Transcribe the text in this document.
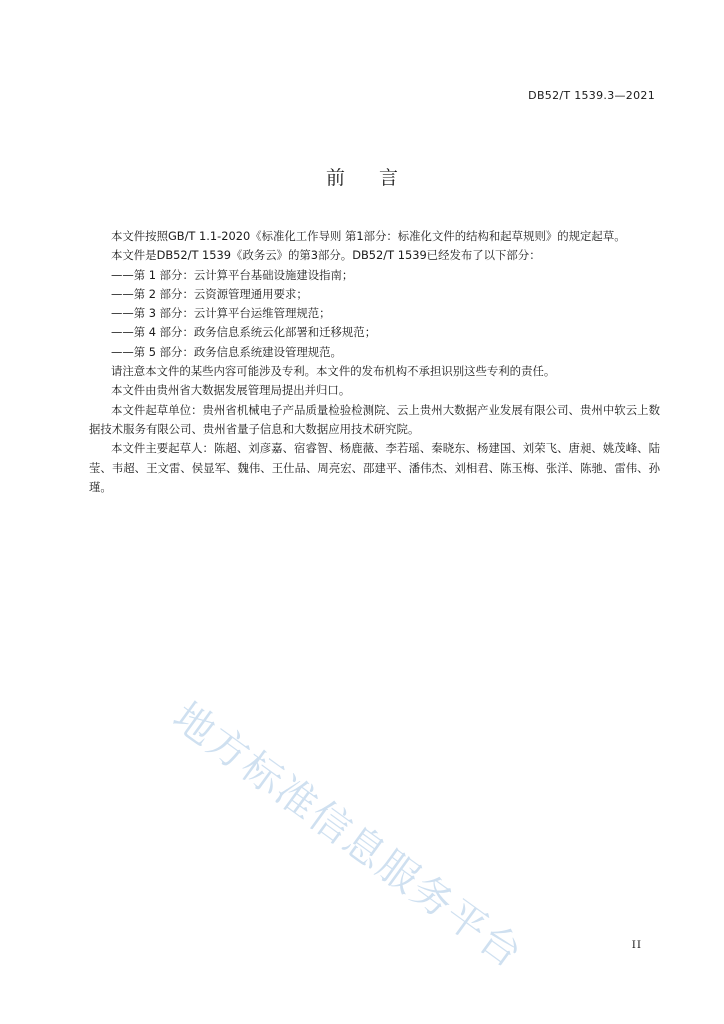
DB52/T 1539.3—2021
前言

本文件按照GB/T 1.1-2020《标准化工作导则 第1部分：标准化文件的结构和起草规则》的规定起草。

本文件是DB52/T 1539《政务云》的第3部分。DB52/T 1539已经发布了以下部分：

——第 1 部分：云计算平台基础设施建设指南；

——第 2 部分：云资源管理通用要求；

——第 3 部分：云计算平台运维管理规范；

——第 4 部分：政务信息系统云化部署和迁移规范；

——第 5 部分：政务信息系统建设管理规范。

请注意本文件的某些内容可能涉及专利。本文件的发布机构不承担识别这些专利的责任。

本文件由贵州省大数据发展管理局提出并归口。

本文件起草单位：贵州省机械电子产品质量检验检测院、云上贵州大数据产业发展有限公司、贵州中软云上数据技术服务有限公司、贵州省量子信息和大数据应用技术研究院。

本文件主要起草人：陈超、刘彦嘉、宿睿智、杨鹿薇、李若瑶、秦晓东、杨建国、刘荣飞、唐昶、姚茂峰、陆莹、韦超、王文雷、侯显军、魏伟、王仕品、周亮宏、邵建平、潘伟杰、刘相君、陈玉梅、张洋、陈驰、雷伟、孙瑾。

地方标准信息服务平台	II
